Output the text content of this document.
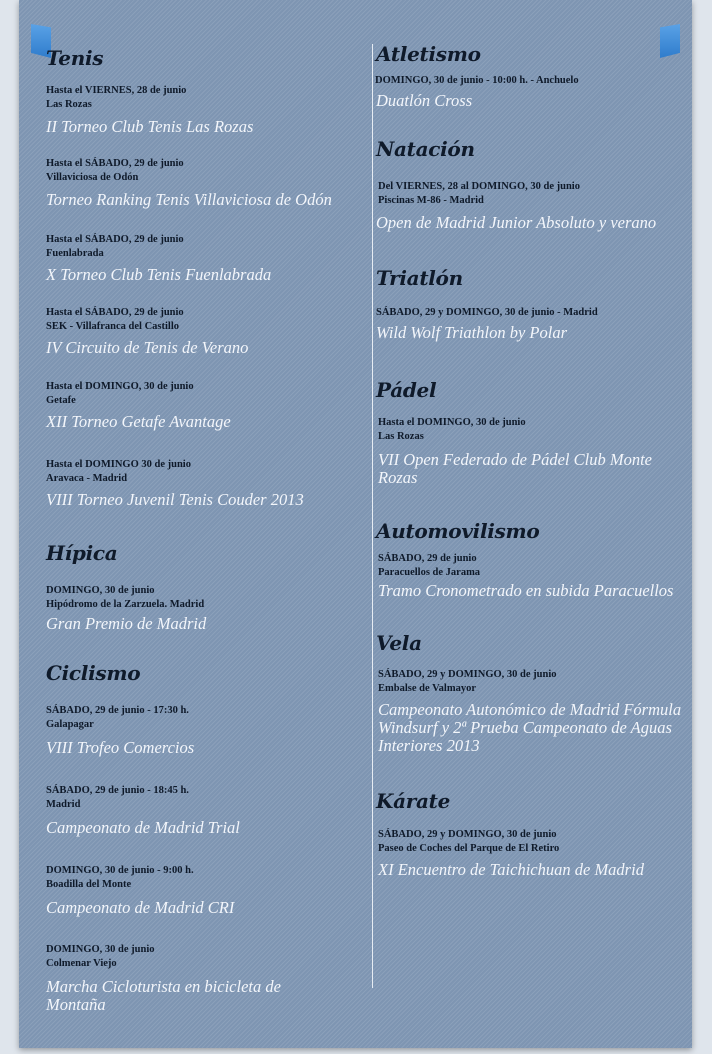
Tenis
Hasta el VIERNES, 28 de junio
Las Rozas

II Torneo Club Tenis Las Rozas

Hasta el SÁBADO, 29 de junio
Villaviciosa de Odón

Torneo Ranking Tenis Villaviciosa de Odón

Hasta el SÁBADO, 29 de junio
Fuenlabrada

X Torneo Club Tenis Fuenlabrada

Hasta el SÁBADO, 29 de junio
SEK - Villafranca del Castillo

IV Circuito de Tenis de Verano

Hasta el DOMINGO, 30 de junio
Getafe

XII Torneo Getafe Avantage

Hasta el DOMINGO 30 de junio
Aravaca - Madrid

VIII Torneo Juvenil Tenis Couder 2013

Hípica
DOMINGO, 30 de junio
Hipódromo de la Zarzuela. Madrid

Gran Premio de Madrid

Ciclismo
SÁBADO, 29 de junio - 17:30 h.
Galapagar

VIII Trofeo Comercios

SÁBADO, 29 de junio - 18:45 h.
Madrid

Campeonato de Madrid Trial

DOMINGO, 30 de junio - 9:00 h.
Boadilla del Monte

Campeonato de Madrid CRI

DOMINGO, 30 de junio
Colmenar Viejo

Marcha Cicloturista en bicicleta de Montaña

Atletismo
DOMINGO, 30 de junio - 10:00 h. - Anchuelo

Duatlón Cross

Natación
Del VIERNES, 28 al DOMINGO, 30 de junio
Piscinas M-86 - Madrid

Open de Madrid Junior Absoluto y verano

Triatlón
SÁBADO, 29 y DOMINGO, 30 de junio - Madrid

Wild Wolf Triathlon by Polar

Pádel
Hasta el DOMINGO, 30 de junio
Las Rozas

VII Open Federado de Pádel Club Monte Rozas

Automovilismo
SÁBADO, 29 de junio
Paracuellos de Jarama

Tramo Cronometrado en subida Paracuellos

Vela
SÁBADO, 29 y DOMINGO, 30 de junio
Embalse de Valmayor

Campeonato Autonómico de Madrid Fórmula Windsurf y 2ª Prueba Campeonato de Aguas Interiores 2013

Kárate
SÁBADO, 29 y DOMINGO, 30 de junio
Paseo de Coches del Parque de El Retiro

XI Encuentro de Taichichuan de Madrid
